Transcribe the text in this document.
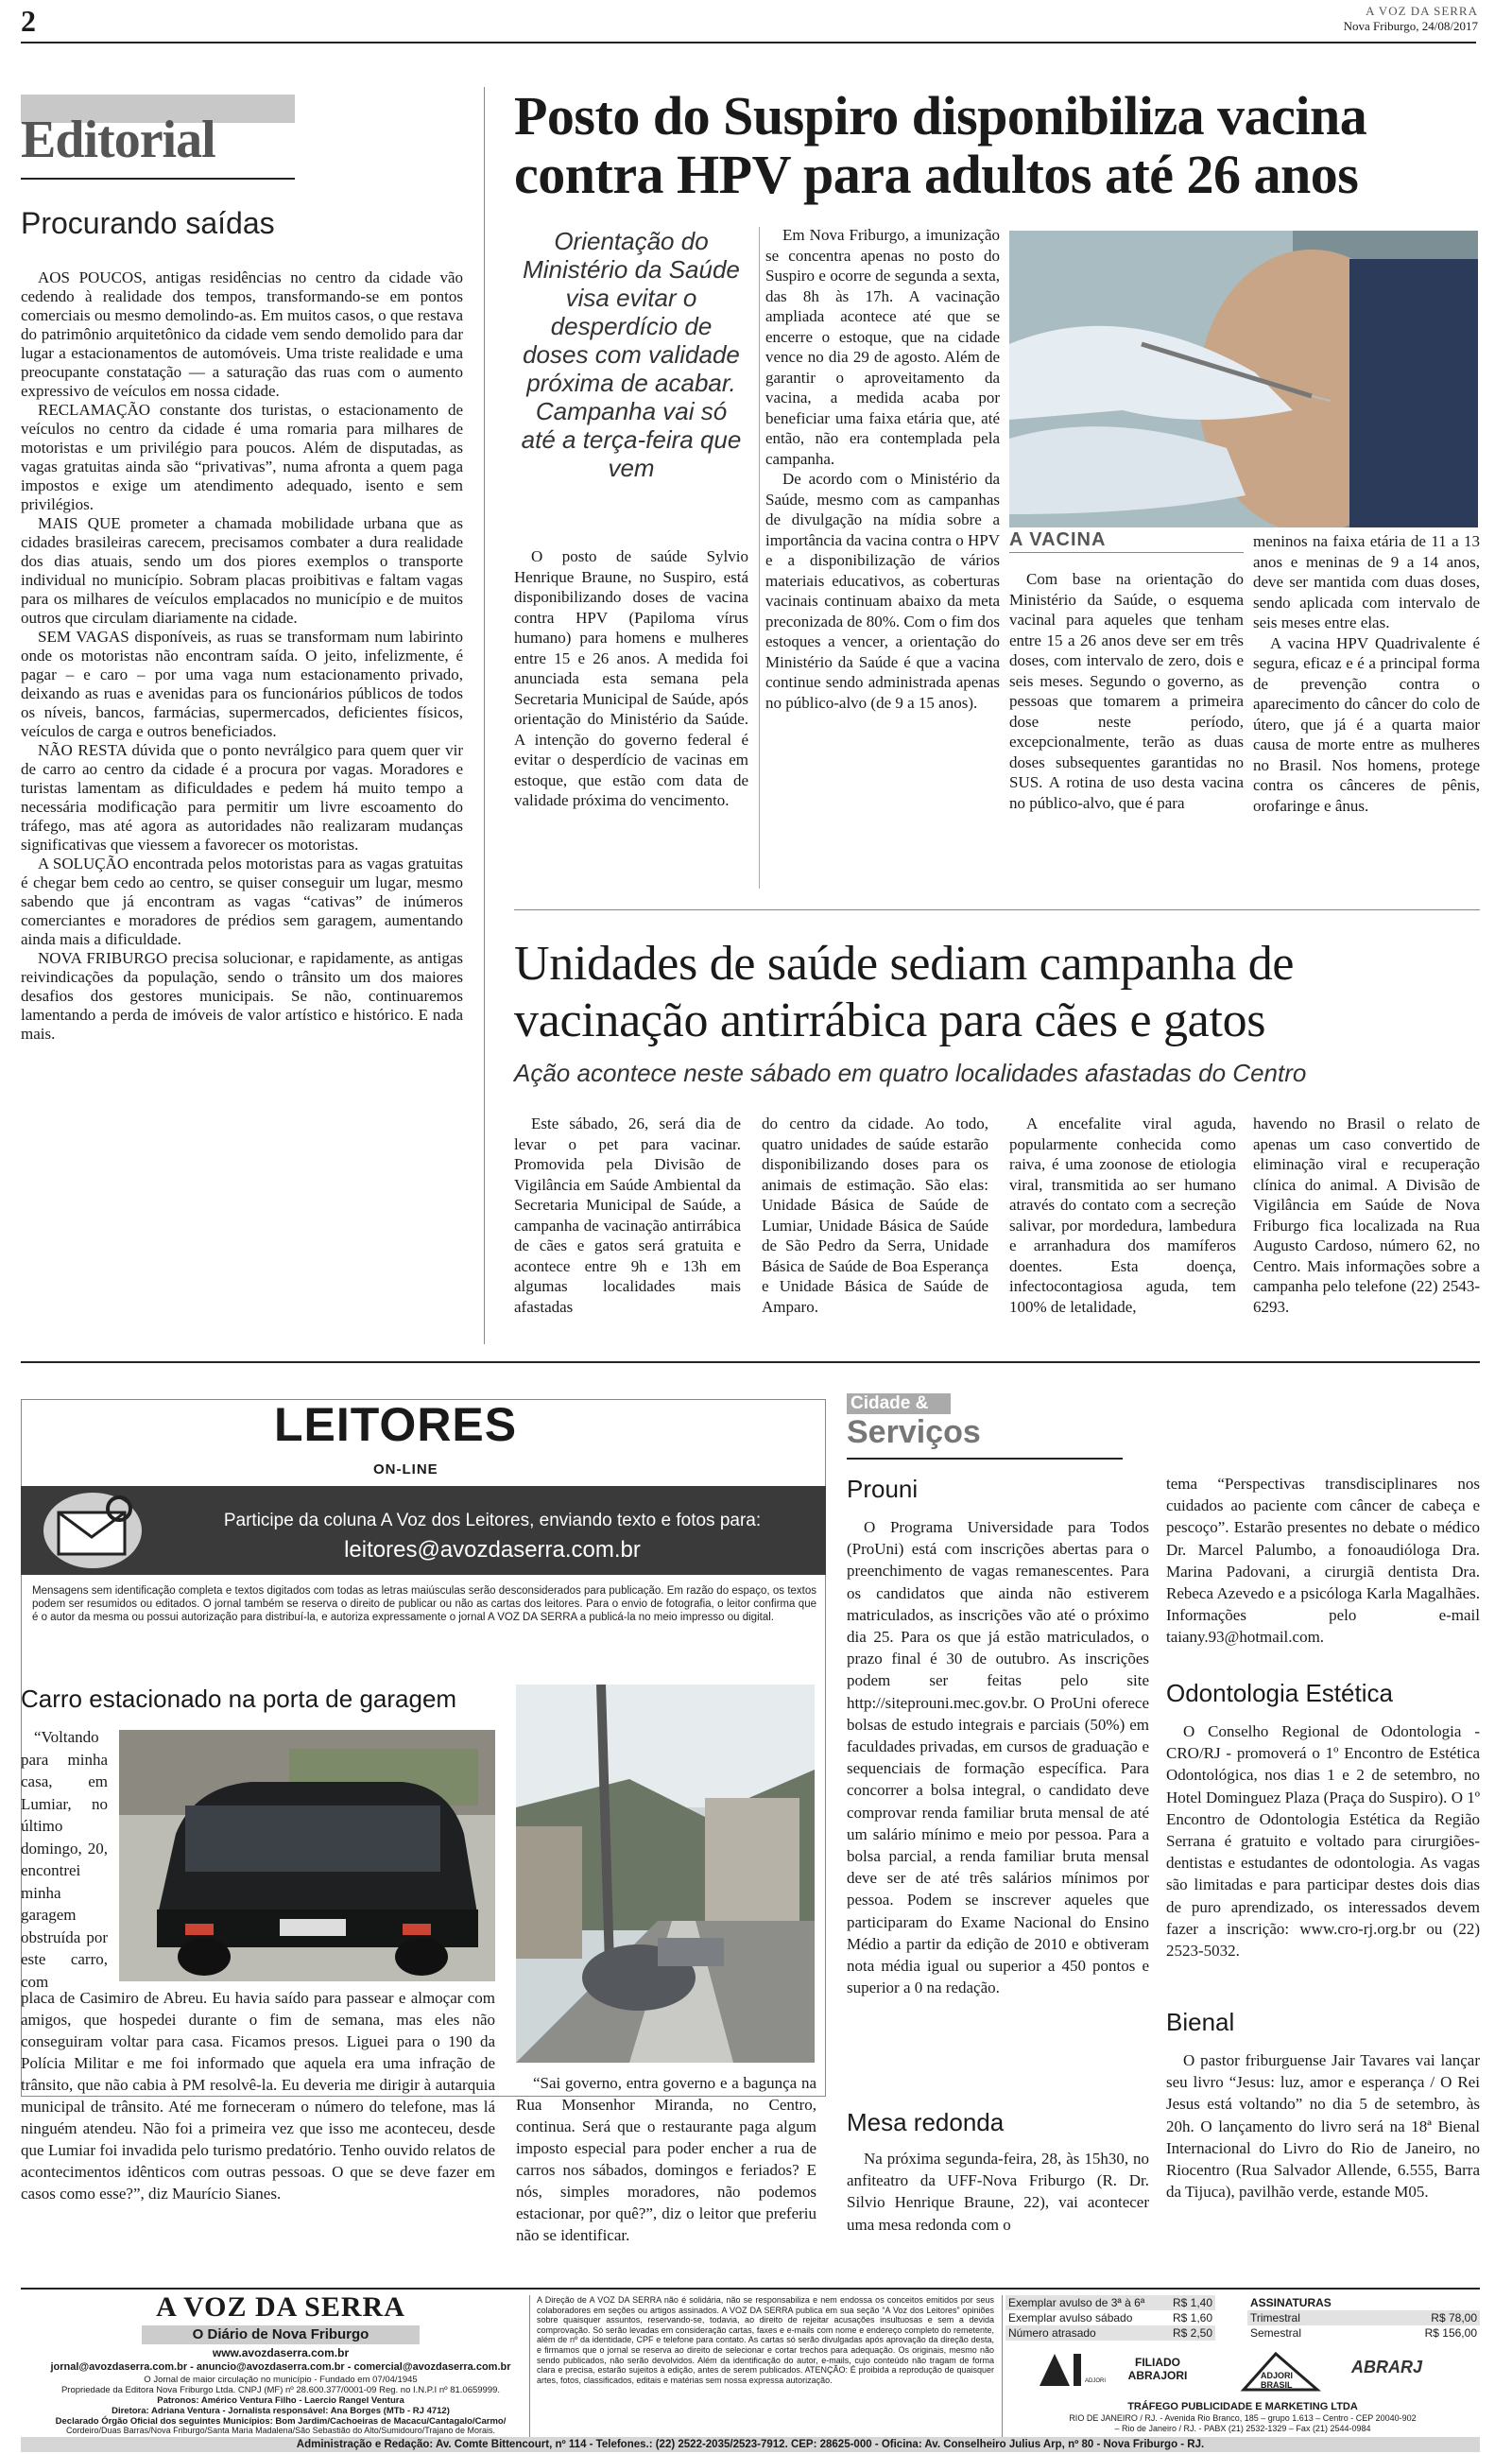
2	A VOZ DA SERRA
Nova Friburgo, 24/08/2017
Editorial
Procurando saídas

AOS POUCOS, antigas residências no centro da cidade vão cedendo à realidade dos tempos, transformando-se em pontos comerciais ou mesmo demolindo-as. Em muitos casos, o que restava do patrimônio arquitetônico da cidade vem sendo demolido para dar lugar a estacionamentos de automóveis. Uma triste realidade e uma preocupante constatação — a saturação das ruas com o aumento expressivo de veículos em nossa cidade.

RECLAMAÇÃO constante dos turistas, o estacionamento de veículos no centro da cidade é uma romaria para milhares de motoristas e um privilégio para poucos. Além de disputadas, as vagas gratuitas ainda são “privativas”, numa afronta a quem paga impostos e exige um atendimento adequado, isento e sem privilégios.

MAIS QUE prometer a chamada mobilidade urbana que as cidades brasileiras carecem, precisamos combater a dura realidade dos dias atuais, sendo um dos piores exemplos o transporte individual no município. Sobram placas proibitivas e faltam vagas para os milhares de veículos emplacados no município e de muitos outros que circulam diariamente na cidade.

SEM VAGAS disponíveis, as ruas se transformam num labirinto onde os motoristas não encontram saída. O jeito, infelizmente, é pagar – e caro – por uma vaga num estacionamento privado, deixando as ruas e avenidas para os funcionários públicos de todos os níveis, bancos, farmácias, supermercados, deficientes físicos, veículos de carga e outros beneficiados.

NÃO RESTA dúvida que o ponto nevrálgico para quem quer vir de carro ao centro da cidade é a procura por vagas. Moradores e turistas lamentam as dificuldades e pedem há muito tempo a necessária modificação para permitir um livre escoamento do tráfego, mas até agora as autoridades não realizaram mudanças significativas que viessem a favorecer os motoristas.

A SOLUÇÃO encontrada pelos motoristas para as vagas gratuitas é chegar bem cedo ao centro, se quiser conseguir um lugar, mesmo sabendo que já encontram as vagas “cativas” de inúmeros comerciantes e moradores de prédios sem garagem, aumentando ainda mais a dificuldade.

NOVA FRIBURGO precisa solucionar, e rapidamente, as antigas reivindicações da população, sendo o trânsito um dos maiores desafios dos gestores municipais. Se não, continuaremos lamentando a perda de imóveis de valor artístico e histórico. E nada mais.

Posto do Suspiro disponibiliza vacina contra HPV para adultos até 26 anos
Orientação do Ministério da Saúde visa evitar o desperdício de doses com validade próxima de acabar. Campanha vai só até a terça-feira que vem

O posto de saúde Sylvio Henrique Braune, no Suspiro, está disponibilizando doses de vacina contra HPV (Papiloma vírus humano) para homens e mulheres entre 15 e 26 anos. A medida foi anunciada esta semana pela Secretaria Municipal de Saúde, após orientação do Ministério da Saúde. A intenção do governo federal é evitar o desperdício de vacinas em estoque, que estão com data de validade próxima do vencimento.

Em Nova Friburgo, a imunização se concentra apenas no posto do Suspiro e ocorre de segunda a sexta, das 8h às 17h. A vacinação ampliada acontece até que se encerre o estoque, que na cidade vence no dia 29 de agosto. Além de garantir o aproveitamento da vacina, a medida acaba por beneficiar uma faixa etária que, até então, não era contemplada pela campanha.

De acordo com o Ministério da Saúde, mesmo com as campanhas de divulgação na mídia sobre a importância da vacina contra o HPV e a disponibilização de vários materiais educativos, as coberturas vacinais continuam abaixo da meta preconizada de 80%. Com o fim dos estoques a vencer, a orientação do Ministério da Saúde é que a vacina continue sendo administrada apenas no público-alvo (de 9 a 15 anos).

A VACINA

Com base na orientação do Ministério da Saúde, o esquema vacinal para aqueles que tenham entre 15 a 26 anos deve ser em três doses, com intervalo de zero, dois e seis meses. Segundo o governo, as pessoas que tomarem a primeira dose neste período, excepcionalmente, terão as duas doses subsequentes garantidas no SUS. A rotina de uso desta vacina no público-alvo, que é para

meninos na faixa etária de 11 a 13 anos e meninas de 9 a 14 anos, deve ser mantida com duas doses, sendo aplicada com intervalo de seis meses entre elas.

A vacina HPV Quadrivalente é segura, eficaz e é a principal forma de prevenção contra o aparecimento do câncer do colo de útero, que já é a quarta maior causa de morte entre as mulheres no Brasil. Nos homens, protege contra os cânceres de pênis, orofaringe e ânus.

Unidades de saúde sediam campanha de vacinação antirrábica para cães e gatos
Ação acontece neste sábado em quatro localidades afastadas do Centro

Este sábado, 26, será dia de levar o pet para vacinar. Promovida pela Divisão de Vigilância em Saúde Ambiental da Secretaria Municipal de Saúde, a campanha de vacinação antirrábica de cães e gatos será gratuita e acontece entre 9h e 13h em algumas localidades mais afastadas

do centro da cidade. Ao todo, quatro unidades de saúde estarão disponibilizando doses para os animais de estimação. São elas: Unidade Básica de Saúde de Lumiar, Unidade Básica de Saúde de São Pedro da Serra, Unidade Básica de Saúde de Boa Esperança e Unidade Básica de Saúde de Amparo.

A encefalite viral aguda, popularmente conhecida como raiva, é uma zoonose de etiologia viral, transmitida ao ser humano através do contato com a secreção salivar, por mordedura, lambedura e arranhadura dos mamíferos doentes. Esta doença, infectocontagiosa aguda, tem 100% de letalidade,

havendo no Brasil o relato de apenas um caso convertido de eliminação viral e recuperação clínica do animal. A Divisão de Vigilância em Saúde de Nova Friburgo fica localizada na Rua Augusto Cardoso, número 62, no Centro. Mais informações sobre a campanha pelo telefone (22) 2543-6293.

LEITORES
ON-LINE
Participe da coluna A Voz dos Leitores, enviando texto e fotos para:
leitores@avozdaserra.com.br
Mensagens sem identificação completa e textos digitados com todas as letras maiúsculas serão desconsiderados para publicação. Em razão do espaço, os textos podem ser resumidos ou editados. O jornal também se reserva o direito de publicar ou não as cartas dos leitores. Para o envio de fotografia, o leitor confirma que é o autor da mesma ou possui autorização para distribuí-la, e autoriza expressamente o jornal A VOZ DA SERRA a publicá-la no meio impresso ou digital.
Carro estacionado na porta de garagem

“Voltando para minha casa, em Lumiar, no último domingo, 20, encontrei minha garagem obstruída por este carro, com

placa de Casimiro de Abreu. Eu havia saído para passear e almoçar com amigos, que hospedei durante o fim de semana, mas eles não conseguiram voltar para casa. Ficamos presos. Liguei para o 190 da Polícia Militar e me foi informado que aquela era uma infração de trânsito, que não cabia à PM resolvê-la. Eu deveria me dirigir à autarquia municipal de trânsito. Até me forneceram o número do telefone, mas lá ninguém atendeu. Não foi a primeira vez que isso me aconteceu, desde que Lumiar foi invadida pelo turismo predatório. Tenho ouvido relatos de acontecimentos idênticos com outras pessoas. O que se deve fazer em casos como esse?”, diz Maurício Sianes.

“Sai governo, entra governo e a bagunça na Rua Monsenhor Miranda, no Centro, continua. Será que o restaurante paga algum imposto especial para poder encher a rua de carros nos sábados, domingos e feriados? E nós, simples moradores, não podemos estacionar, por quê?”, diz o leitor que preferiu não se identificar.

Cidade &
Serviços
Prouni

O Programa Universidade para Todos (ProUni) está com inscrições abertas para o preenchimento de vagas remanescentes. Para os candidatos que ainda não estiverem matriculados, as inscrições vão até o próximo dia 25. Para os que já estão matriculados, o prazo final é 30 de outubro. As inscrições podem ser feitas pelo site http://siteprouni.mec.gov.br. O ProUni oferece bolsas de estudo integrais e parciais (50%) em faculdades privadas, em cursos de graduação e sequenciais de formação específica. Para concorrer a bolsa integral, o candidato deve comprovar renda familiar bruta mensal de até um salário mínimo e meio por pessoa. Para a bolsa parcial, a renda familiar bruta mensal deve ser de até três salários mínimos por pessoa. Podem se inscrever aqueles que participaram do Exame Nacional do Ensino Médio a partir da edição de 2010 e obtiveram nota média igual ou superior a 450 pontos e superior a 0 na redação.

Mesa redonda

Na próxima segunda-feira, 28, às 15h30, no anfiteatro da UFF-Nova Friburgo (R. Dr. Silvio Henrique Braune, 22), vai acontecer uma mesa redonda com o

tema “Perspectivas transdisciplinares nos cuidados ao paciente com câncer de cabeça e pescoço”. Estarão presentes no debate o médico Dr. Marcel Palumbo, a fonoaudióloga Dra. Marina Padovani, a cirurgiã dentista Dra. Rebeca Azevedo e a psicóloga Karla Magalhães. Informações pelo e-mail taiany.93@hotmail.com.

Odontologia Estética

O Conselho Regional de Odontologia - CRO/RJ - promoverá o 1º Encontro de Estética Odontológica, nos dias 1 e 2 de setembro, no Hotel Dominguez Plaza (Praça do Suspiro). O 1º Encontro de Odontologia Estética da Região Serrana é gratuito e voltado para cirurgiões-dentistas e estudantes de odontologia. As vagas são limitadas e para participar destes dois dias de puro aprendizado, os interessados devem fazer a inscrição: www.cro-rj.org.br ou (22) 2523-5032.

Bienal

O pastor friburguense Jair Tavares vai lançar seu livro “Jesus: luz, amor e esperança / O Rei Jesus está voltando” no dia 5 de setembro, às 20h. O lançamento do livro será na 18ª Bienal Internacional do Livro do Rio de Janeiro, no Riocentro (Rua Salvador Allende, 6.555, Barra da Tijuca), pavilhão verde, estande M05.

A VOZ DA SERRA
O Diário de Nova Friburgo
www.avozdaserra.com.br
jornal@avozdaserra.com.br - anuncio@avozdaserra.com.br - comercial@avozdaserra.com.br
O Jornal de maior circulação no município - Fundado em 07/04/1945
Propriedade da Editora Nova Friburgo Ltda. CNPJ (MF) nº 28.600.377/0001-09 Reg. no I.N.P.I nº 81.0659999.
Patronos: Américo Ventura Filho - Laercio Rangel Ventura
Diretora: Adriana Ventura - Jornalista responsável: Ana Borges (MTb - RJ 4712)
Declarado Órgão Oficial dos seguintes Municípios: Bom Jardim/Cachoeiras de Macacu/Cantagalo/Carmo/
Cordeiro/Duas Barras/Nova Friburgo/Santa Maria Madalena/São Sebastião do Alto/Sumidouro/Trajano de Morais.
A Direção de A VOZ DA SERRA não é solidária, não se responsabiliza e nem endossa os conceitos emitidos por seus colaboradores em seções ou artigos assinados. A VOZ DA SERRA publica em sua seção “A Voz dos Leitores” opiniões sobre quaisquer assuntos, reservando-se, todavia, ao direito de rejeitar acusações insultuosas e sem a devida comprovação. Só serão levadas em consideração cartas, faxes e e-mails com nome e endereço completo do remetente, além de nº da identidade, CPF e telefone para contato. As cartas só serão divulgadas após aprovação da direção desta, e firmamos que o jornal se reserva ao direito de selecionar e cortar trechos para adequação. Os originais, mesmo não sendo publicados, não serão devolvidos. Além da identificação do autor, e-mails, cujo conteúdo não tragam de forma clara e precisa, estarão sujeitos à edição, antes de serem publicados. ATENÇÃO: É proibida a reprodução de quaisquer artes, fotos, classificados, editais e matérias sem nossa expressa autorização.
Exemplar avulso de 3ª à 6ª R$ 1,40
Exemplar avulso sábado	R$ 1,60
Número atrasado	R$ 2,50
ASSINATURAS
Trimestral	R$ 78,00
Semestral	R$ 156,00
ADJORI
FILIADO ABRAJORI	ADJORI BRASIL
ABRARJ
TRÁFEGO PUBLICIDADE E MARKETING LTDA
RIO DE JANEIRO / RJ. - Avenida Rio Branco, 185 – grupo 1.613 – Centro - CEP 20040-902
– Rio de Janeiro / RJ. - PABX (21) 2532-1329 – Fax (21) 2544-0984
Administração e Redação: Av. Comte Bittencourt, nº 114 - Telefones.: (22) 2522-2035/2523-7912. CEP: 28625-000 - Oficina: Av. Conselheiro Julius Arp, nº 80 - Nova Friburgo - RJ.
